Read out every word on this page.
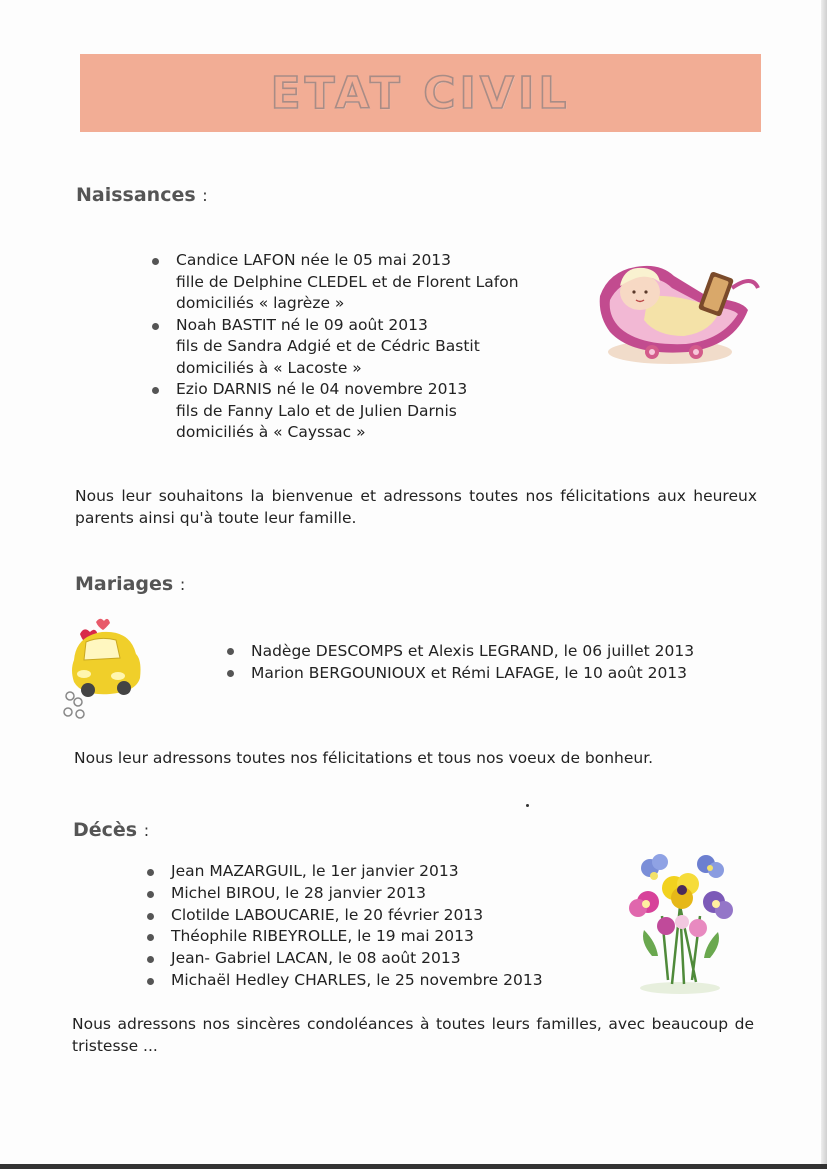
ETAT CIVIL
Naissances :
Candice LAFON née le 05 mai 2013
fille de Delphine CLEDEL et de Florent Lafon
domiciliés « lagrèze »
Noah BASTIT né le 09 août 2013
fils de Sandra Adgié et de Cédric Bastit
domiciliés à « Lacoste »
Ezio DARNIS né le 04 novembre 2013
fils de Fanny Lalo et de Julien Darnis
domiciliés à « Cayssac »
Nous leur souhaitons la bienvenue et adressons toutes nos félicitations aux heureux parents ainsi qu'à toute leur famille.
Mariages :
Nadège DESCOMPS et Alexis LEGRAND, le 06 juillet 2013
Marion BERGOUNIOUX et Rémi LAFAGE, le 10 août 2013
Nous leur adressons toutes nos félicitations et tous nos voeux de bonheur.
Décès :
Jean MAZARGUIL, le 1er janvier 2013
Michel BIROU, le 28 janvier 2013
Clotilde LABOUCARIE, le 20 février 2013
Théophile RIBEYROLLE, le 19 mai 2013
Jean- Gabriel LACAN, le 08 août 2013
Michaël Hedley CHARLES, le 25 novembre 2013
Nous adressons nos sincères condoléances à toutes leurs familles, avec beaucoup de tristesse ...
